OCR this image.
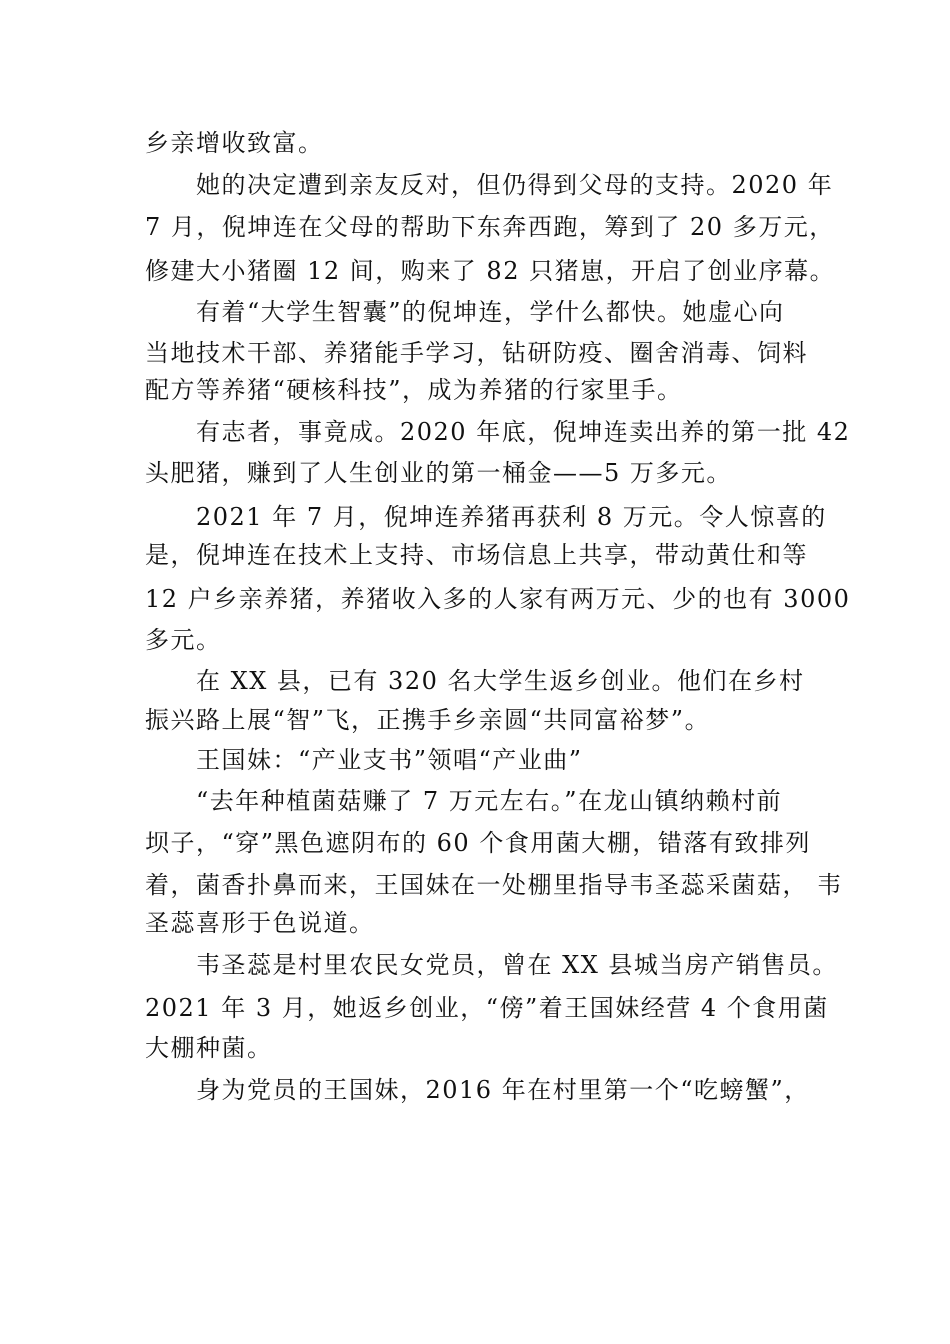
乡亲增收致富。
她的决定遭到亲友反对，但仍得到父母的支持。2020 年
7 月，倪坤连在父母的帮助下东奔西跑，筹到了 20 多万元，
修建大小猪圈 12 间，购来了 82 只猪崽，开启了创业序幕。
有着“大学生智囊”的倪坤连，学什么都快。她虚心向
当地技术干部、养猪能手学习，钻研防疫、圈舍消毒、饲料
配方等养猪“硬核科技”，成为养猪的行家里手。
有志者，事竟成。2020 年底，倪坤连卖出养的第一批 42
头肥猪，赚到了人生创业的第一桶金——5 万多元。
2021 年 7 月，倪坤连养猪再获利 8 万元。令人惊喜的
是，倪坤连在技术上支持、市场信息上共享，带动黄仕和等
12 户乡亲养猪，养猪收入多的人家有两万元、少的也有 3000
多元。
在 XX 县，已有 320 名大学生返乡创业。他们在乡村
振兴路上展“智”飞，正携手乡亲圆“共同富裕梦”。
王国妹：“产业支书”领唱“产业曲”
“去年种植菌菇赚了 7 万元左右。”在龙山镇纳赖村前
坝子，“穿”黑色遮阴布的 60 个食用菌大棚，错落有致排列
着，菌香扑鼻而来，王国妹在一处棚里指导韦圣蕊采菌菇， 韦
圣蕊喜形于色说道。
韦圣蕊是村里农民女党员，曾在 XX 县城当房产销售员。
2021 年 3 月，她返乡创业，“傍”着王国妹经营 4 个食用菌
大棚种菌。
身为党员的王国妹，2016 年在村里第一个“吃螃蟹”，
